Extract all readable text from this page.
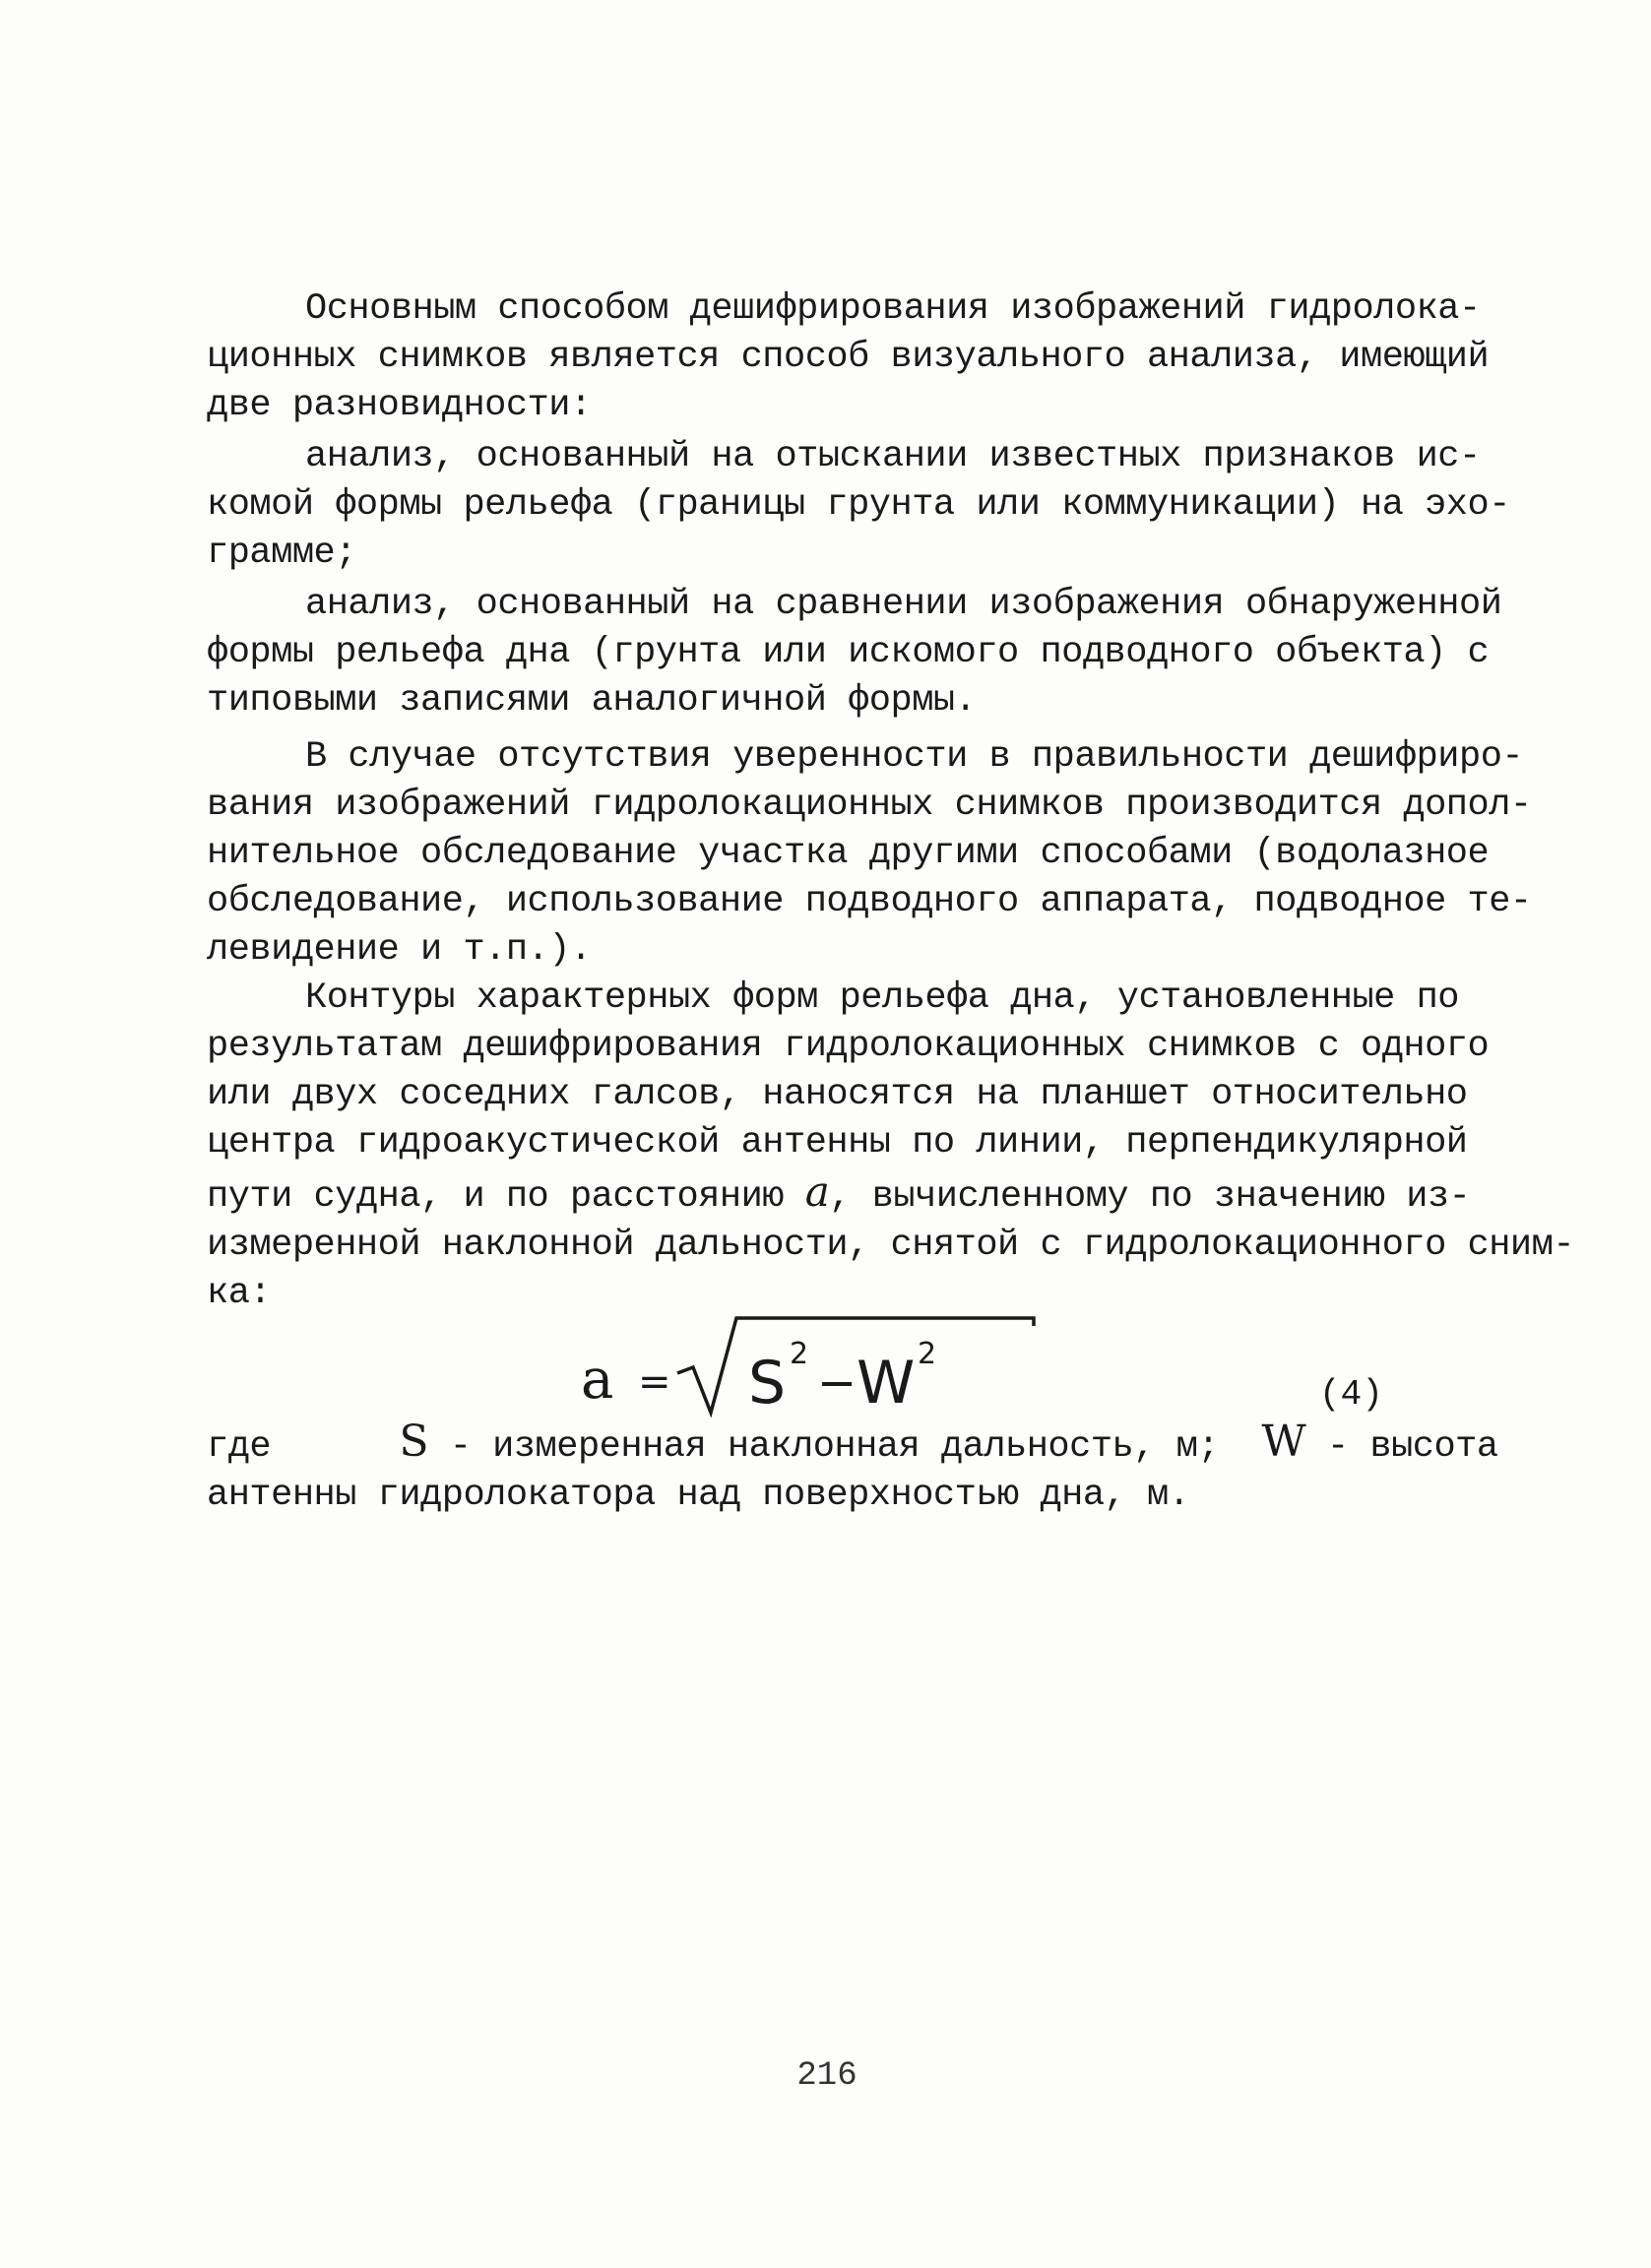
Основным способом дешифрирования изображений гидролока-
ционных снимков является способ визуального анализа, имеющий
две разновидности:
анализ, основанный на отыскании известных признаков ис-
комой формы рельефа (границы грунта или коммуникации) на эхо-
грамме;
анализ, основанный на сравнении изображения обнаруженной
формы рельефа дна (грунта или искомого подводного объекта) с
типовыми записями аналогичной формы.
В случае отсутствия уверенности в правильности дешифриро-
вания изображений гидролокационных снимков производится допол-
нительное обследование участка другими способами (водолазное
обследование, использование подводного аппарата, подводное те-
левидение и т.п.).
Контуры характерных форм рельефа дна, установленные по
результатам дешифрирования гидролокационных снимков с одного
или двух соседних галсов, наносятся на планшет относительно
центра гидроакустической антенны по линии, перпендикулярной
пути судна, и по расстоянию a, вычисленному по значению из-
измеренной наклонной дальности, снятой с гидролокационного сним-
ка:
a = S 2
− W 2
(4)
где	S - измеренная наклонная дальность, м; W - высота
антенны гидролокатора над поверхностью дна, м.
216
